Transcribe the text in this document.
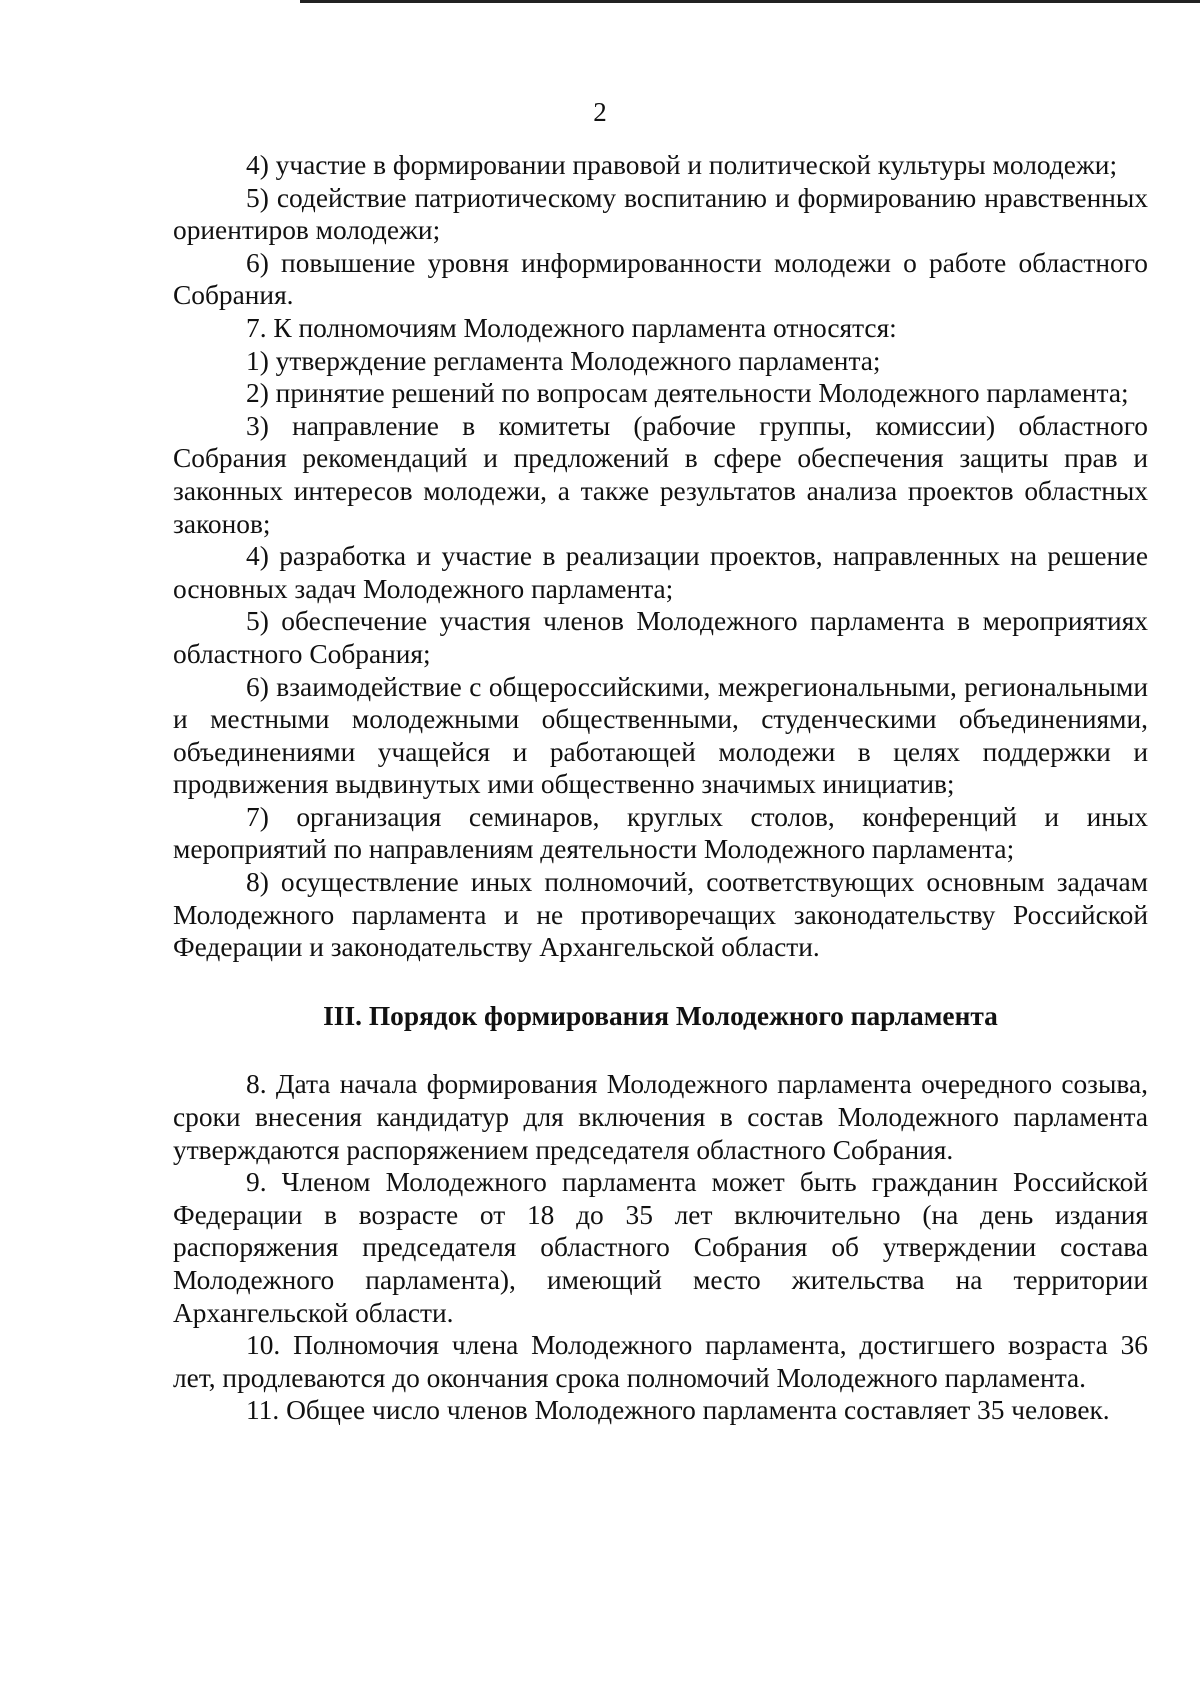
2

4) участие в формировании правовой и политической культуры молодежи;

5) содействие патриотическому воспитанию и формированию нравственных ориентиров молодежи;

6) повышение уровня информированности молодежи о работе областного Собрания.

7. К полномочиям Молодежного парламента относятся:

1) утверждение регламента Молодежного парламента;

2) принятие решений по вопросам деятельности Молодежного парламента;

3) направление в комитеты (рабочие группы, комиссии) областного Собрания рекомендаций и предложений в сфере обеспечения защиты прав и законных интересов молодежи, а также результатов анализа проектов областных законов;

4) разработка и участие в реализации проектов, направленных на решение основных задач Молодежного парламента;

5) обеспечение участия членов Молодежного парламента в мероприятиях областного Собрания;

6) взаимодействие с общероссийскими, межрегиональными, региональными и местными молодежными общественными, студенческими объединениями, объединениями учащейся и работающей молодежи в целях поддержки и продвижения выдвинутых ими общественно значимых инициатив;

7) организация семинаров, круглых столов, конференций и иных мероприятий по направлениям деятельности Молодежного парламента;

8) осуществление иных полномочий, соответствующих основным задачам Молодежного парламента и не противоречащих законодательству Российской Федерации и законодательству Архангельской области.

III. Порядок формирования Молодежного парламента

8. Дата начала формирования Молодежного парламента очередного созыва, сроки внесения кандидатур для включения в состав Молодежного парламента утверждаются распоряжением председателя областного Собрания.

9. Членом Молодежного парламента может быть гражданин Российской Федерации в возрасте от 18 до 35 лет включительно (на день издания распоряжения председателя областного Собрания об утверждении состава Молодежного парламента), имеющий место жительства на территории Архангельской области.

10. Полномочия члена Молодежного парламента, достигшего возраста 36 лет, продлеваются до окончания срока полномочий Молодежного парламента.

11. Общее число членов Молодежного парламента составляет 35 человек.
